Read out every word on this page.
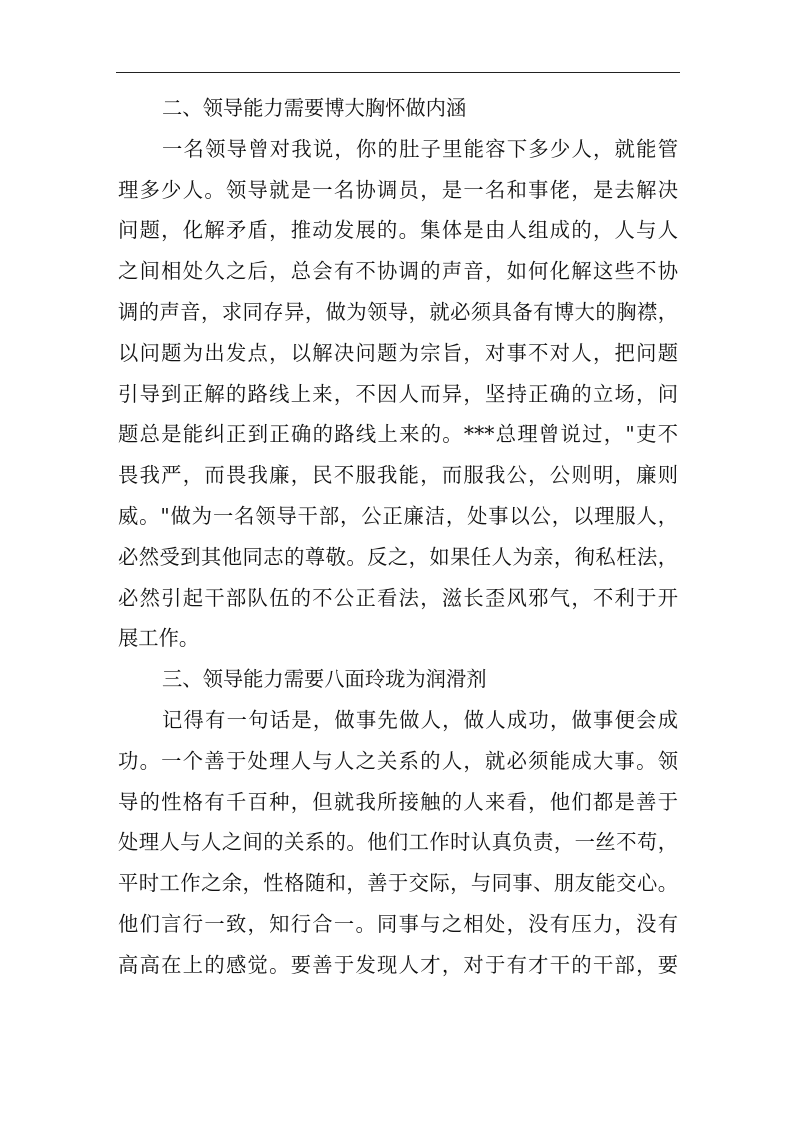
二、领导能力需要博大胸怀做内涵
一名领导曾对我说，你的肚子里能容下多少人，就能管
理多少人。领导就是一名协调员，是一名和事佬，是去解决
问题，化解矛盾，推动发展的。集体是由人组成的，人与人
之间相处久之后，总会有不协调的声音，如何化解这些不协
调的声音，求同存异，做为领导，就必须具备有博大的胸襟，
以问题为出发点，以解决问题为宗旨，对事不对人，把问题
引导到正解的路线上来，不因人而异，坚持正确的立场，问
题总是能纠正到正确的路线上来的。***总理曾说过，"吏不
畏我严，而畏我廉，民不服我能，而服我公，公则明，廉则
威。"做为一名领导干部，公正廉洁，处事以公，以理服人，
必然受到其他同志的尊敬。反之，如果任人为亲，徇私枉法，
必然引起干部队伍的不公正看法，滋长歪风邪气，不利于开
展工作。
三、领导能力需要八面玲珑为润滑剂
记得有一句话是，做事先做人，做人成功，做事便会成
功。一个善于处理人与人之关系的人，就必须能成大事。领
导的性格有千百种，但就我所接触的人来看，他们都是善于
处理人与人之间的关系的。他们工作时认真负责，一丝不苟，
平时工作之余，性格随和，善于交际，与同事、朋友能交心。
他们言行一致，知行合一。同事与之相处，没有压力，没有
高高在上的感觉。要善于发现人才，对于有才干的干部，要
